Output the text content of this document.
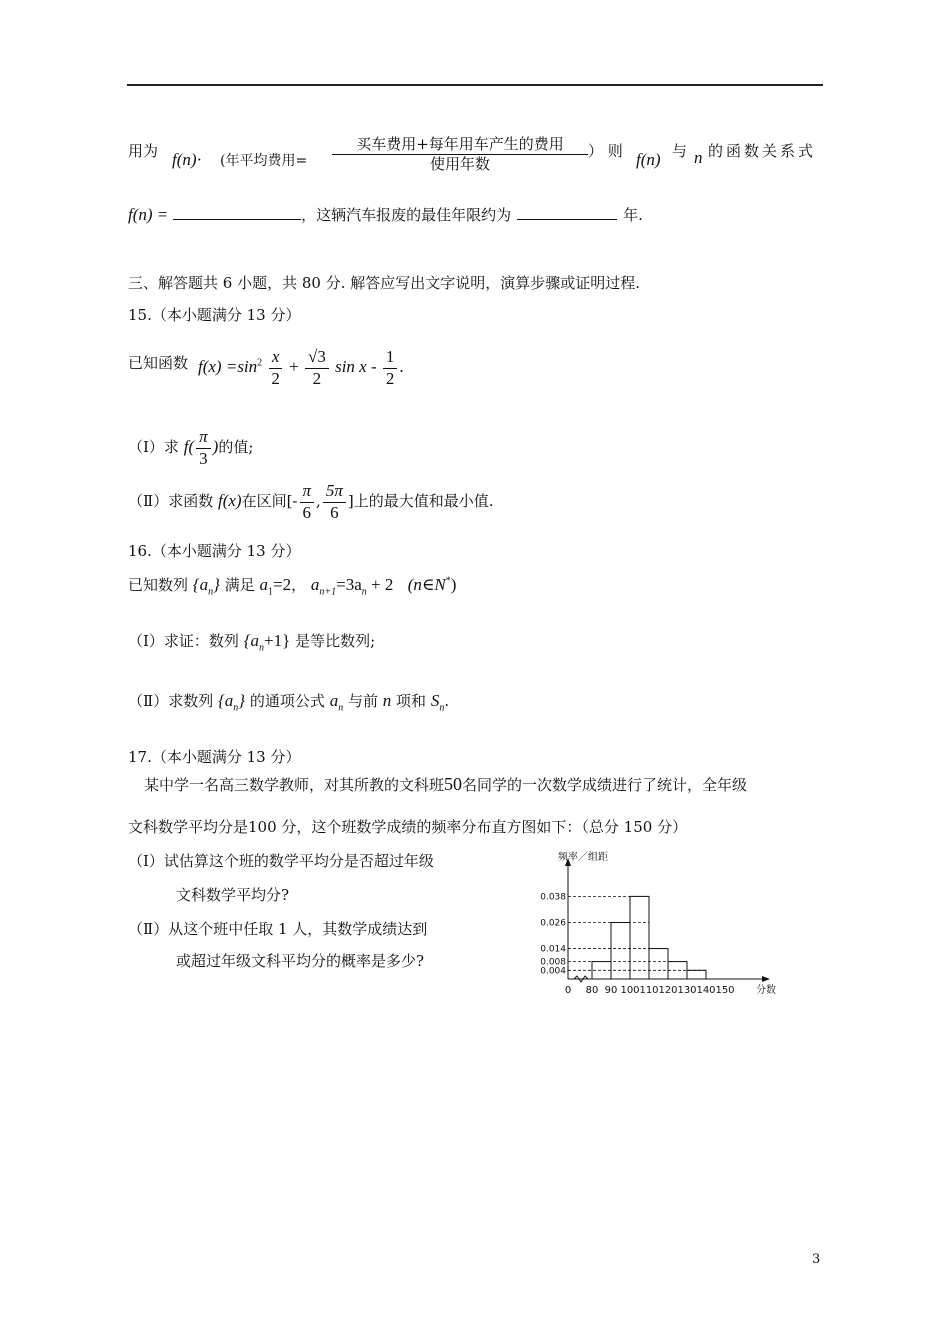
用为 f(n)· (年平均费用= $\frac{\text{买车费用+每年用车产生的费用}}{\text{使用年数}}$ ） 则 f(n) 与 n 的函数关系式
f(n) =	，这辆汽车报废的最佳年限约为	年.
三、解答题共 6 小题，共 80 分. 解答应写出文字说明，演算步骤或证明过程.
15.（本小题满分 13 分）
已知函数 $f(x) =\sin^2 \frac{x}{2} + \frac{√3}{2}$ sin x - $\frac{1}{2}$ .
（Ⅰ）求 $f( \frac{\pi}{3}$ )的值;
（Ⅱ）求函数 f(x)在区间[- $\frac{\pi}{6}$ , $\frac{5\pi}{6}$ ]上的最大值和最小值.
16.（本小题满分 13 分）
已知数列 $\{a_n\}$ 满足 $a_1=2$， $a_{n+1}=3a_n + 2$ (n∈N*)
（Ⅰ）求证：数列 $\{a_n+1\}$ 是等比数列;
（Ⅱ）求数列 $\{a_n\}$ 的通项公式 $a_n$ 与前 n 项和 $S_n$.
17.（本小题满分 13 分）
某中学一名高三数学教师，对其所教的文科班50名同学的一次数学成绩进行了统计，全年级
文科数学平均分是100 分，这个班数学成绩的频率分布直方图如下：（总分 150 分）
（Ⅰ）试估算这个班的数学平均分是否超过年级
文科数学平均分?
（Ⅱ）从这个班中任取 1 人，其数学成绩达到
或超过年级文科平均分的概率是多少?
频率／组距
0.038
0.026
0.014
0.008
0.004
0 80 90 100 110 120 130 140 150 分数
3
